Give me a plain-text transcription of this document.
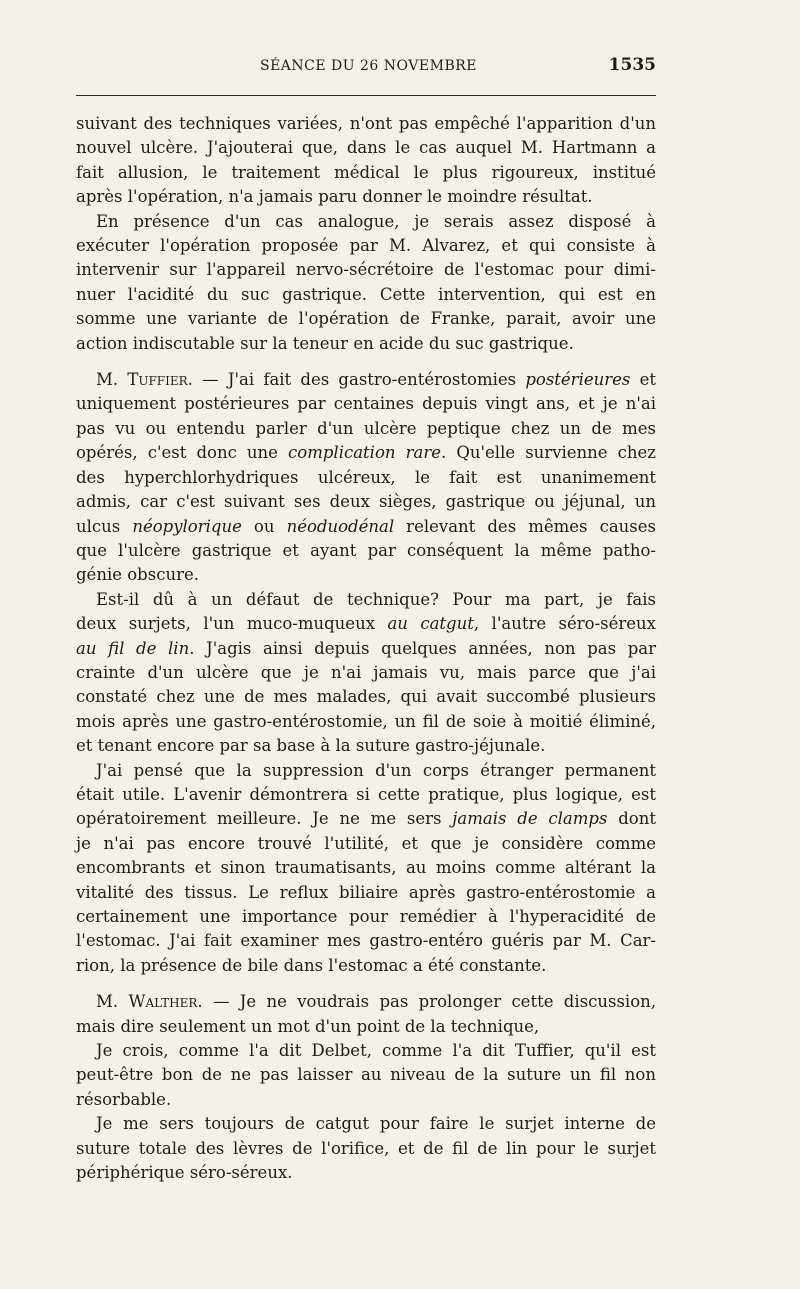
SÉANCE DU 26 NOVEMBRE	1535

suivant des techniques variées, n'ont pas empêché l'apparition d'un
nouvel ulcère. J'ajouterai que, dans le cas auquel M. Hartmann a
fait allusion, le traitement médical le plus rigoureux, institué
après l'opération, n'a jamais paru donner le moindre résultat.

En présence d'un cas analogue, je serais assez disposé à
exécuter l'opération proposée par M. Alvarez, et qui consiste à
intervenir sur l'appareil nervo-sécrétoire de l'estomac pour dimi-
nuer l'acidité du suc gastrique. Cette intervention, qui est en
somme une variante de l'opération de Franke, parait, avoir une
action indiscutable sur la teneur en acide du suc gastrique.

M. Tuffier. — J'ai fait des gastro-entérostomies postérieures et
uniquement postérieures par centaines depuis vingt ans, et je n'ai
pas vu ou entendu parler d'un ulcère peptique chez un de mes
opérés, c'est donc une complication rare. Qu'elle survienne chez
des hyperchlorhydriques ulcéreux, le fait est unanimement
admis, car c'est suivant ses deux sièges, gastrique ou jéjunal, un
ulcus néopylorique ou néoduodénal relevant des mêmes causes
que l'ulcère gastrique et ayant par conséquent la même patho-
génie obscure.

Est-il dû à un défaut de technique? Pour ma part, je fais
deux surjets, l'un muco-muqueux au catgut, l'autre séro-séreux
au fil de lin. J'agis ainsi depuis quelques années, non pas par
crainte d'un ulcère que je n'ai jamais vu, mais parce que j'ai
constaté chez une de mes malades, qui avait succombé plusieurs
mois après une gastro-entérostomie, un fil de soie à moitié éliminé,
et tenant encore par sa base à la suture gastro-jéjunale.

J'ai pensé que la suppression d'un corps étranger permanent
était utile. L'avenir démontrera si cette pratique, plus logique, est
opératoirement meilleure. Je ne me sers jamais de clamps dont
je n'ai pas encore trouvé l'utilité, et que je considère comme
encombrants et sinon traumatisants, au moins comme altérant la
vitalité des tissus. Le reflux biliaire après gastro-entérostomie a
certainement une importance pour remédier à l'hyperacidité de
l'estomac. J'ai fait examiner mes gastro-entéro guéris par M. Car-
rion, la présence de bile dans l'estomac a été constante.

M. Walther. — Je ne voudrais pas prolonger cette discussion,
mais dire seulement un mot d'un point de la technique,

Je crois, comme l'a dit Delbet, comme l'a dit Tuffier, qu'il est
peut-être bon de ne pas laisser au niveau de la suture un fil non
résorbable.

Je me sers toujours de catgut pour faire le surjet interne de
suture totale des lèvres de l'orifice, et de fil de lin pour le surjet
périphérique séro-séreux.
